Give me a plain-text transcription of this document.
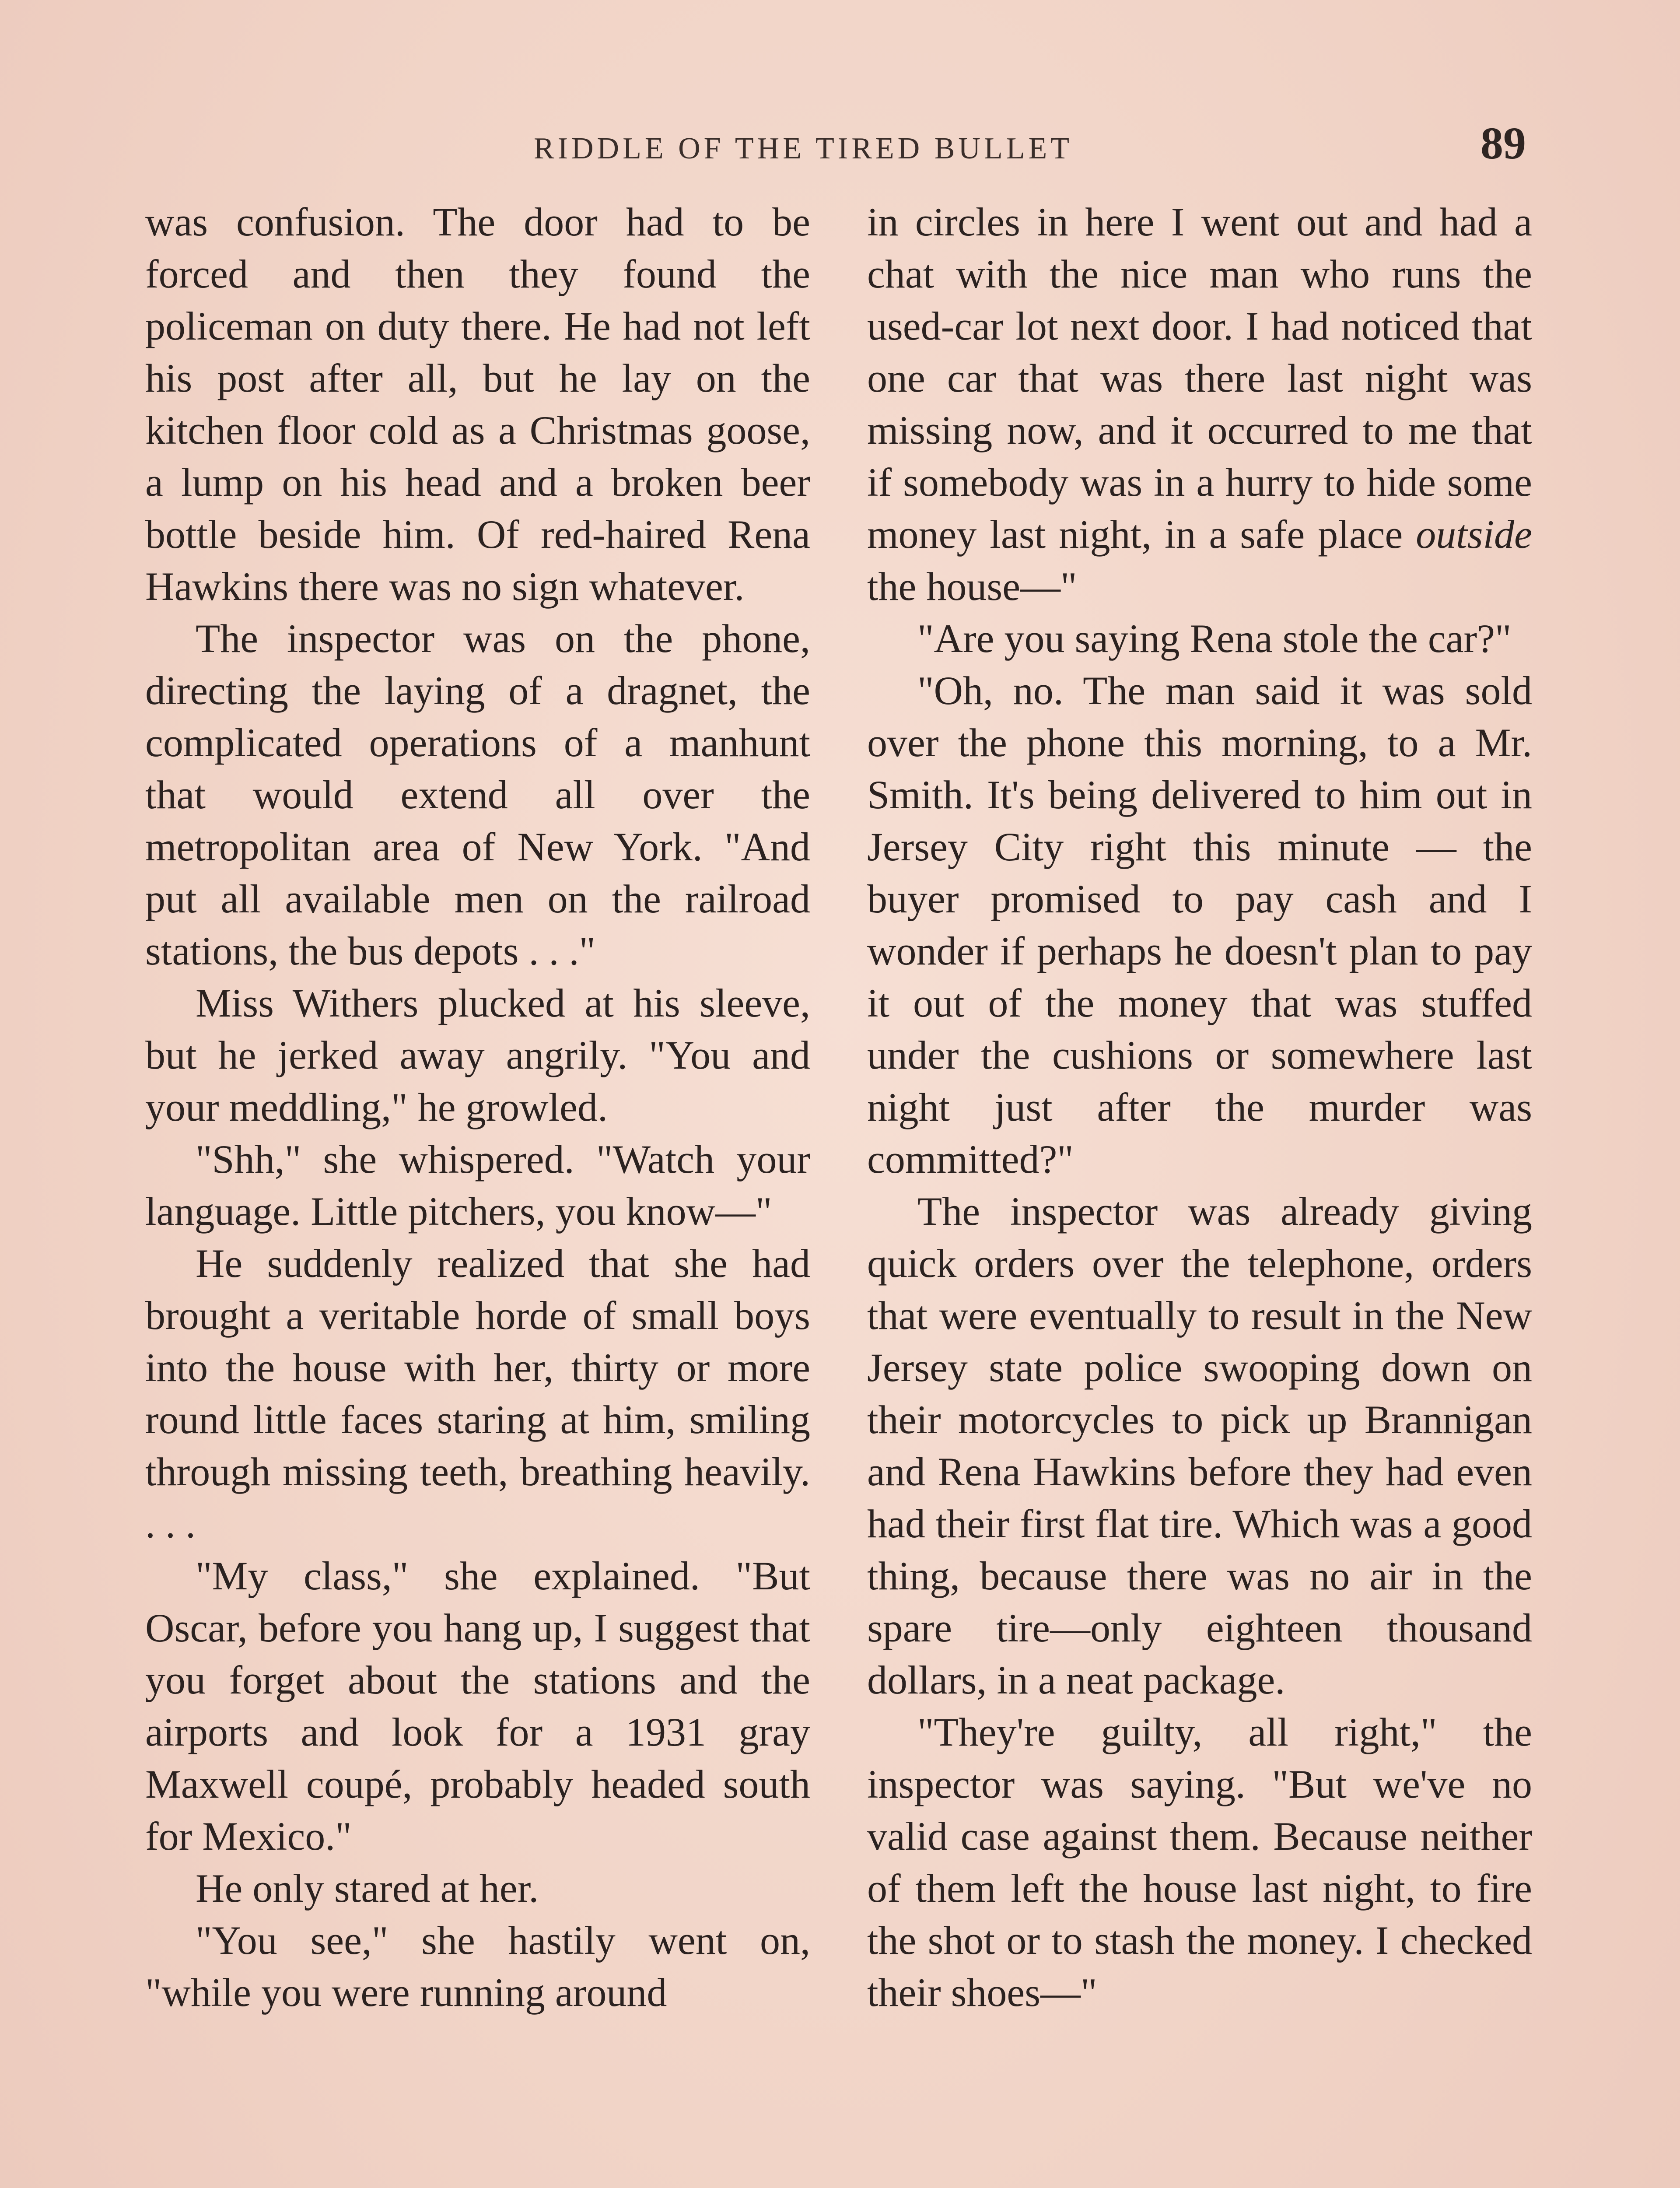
RIDDLE OF THE TIRED BULLET	89

was confusion. The door had to be forced and then they found the policeman on duty there. He had not left his post after all, but he lay on the kitchen floor cold as a Christmas goose, a lump on his head and a broken beer bottle beside him. Of red-haired Rena Hawkins there was no sign whatever.

The inspector was on the phone, directing the laying of a dragnet, the complicated operations of a manhunt that would extend all over the metropolitan area of New York. "And put all available men on the railroad stations, the bus depots . . ."

Miss Withers plucked at his sleeve, but he jerked away angrily. "You and your meddling," he growled.

"Shh," she whispered. "Watch your language. Little pitchers, you know—"

He suddenly realized that she had brought a veritable horde of small boys into the house with her, thirty or more round little faces staring at him, smiling through missing teeth, breathing heavily. . . .

"My class," she explained. "But Oscar, before you hang up, I suggest that you forget about the stations and the airports and look for a 1931 gray Maxwell coupé, probably headed south for Mexico."

He only stared at her.

"You see," she hastily went on, "while you were running around

in circles in here I went out and had a chat with the nice man who runs the used-car lot next door. I had noticed that one car that was there last night was missing now, and it occurred to me that if somebody was in a hurry to hide some money last night, in a safe place outside the house—"

"Are you saying Rena stole the car?"

"Oh, no. The man said it was sold over the phone this morning, to a Mr. Smith. It's being delivered to him out in Jersey City right this minute — the buyer promised to pay cash and I wonder if perhaps he doesn't plan to pay it out of the money that was stuffed under the cushions or somewhere last night just after the murder was committed?"

The inspector was already giving quick orders over the telephone, orders that were eventually to result in the New Jersey state police swooping down on their motorcycles to pick up Brannigan and Rena Hawkins before they had even had their first flat tire. Which was a good thing, because there was no air in the spare tire—only eighteen thousand dollars, in a neat package.

"They're guilty, all right," the inspector was saying. "But we've no valid case against them. Because neither of them left the house last night, to fire the shot or to stash the money. I checked their shoes—"
